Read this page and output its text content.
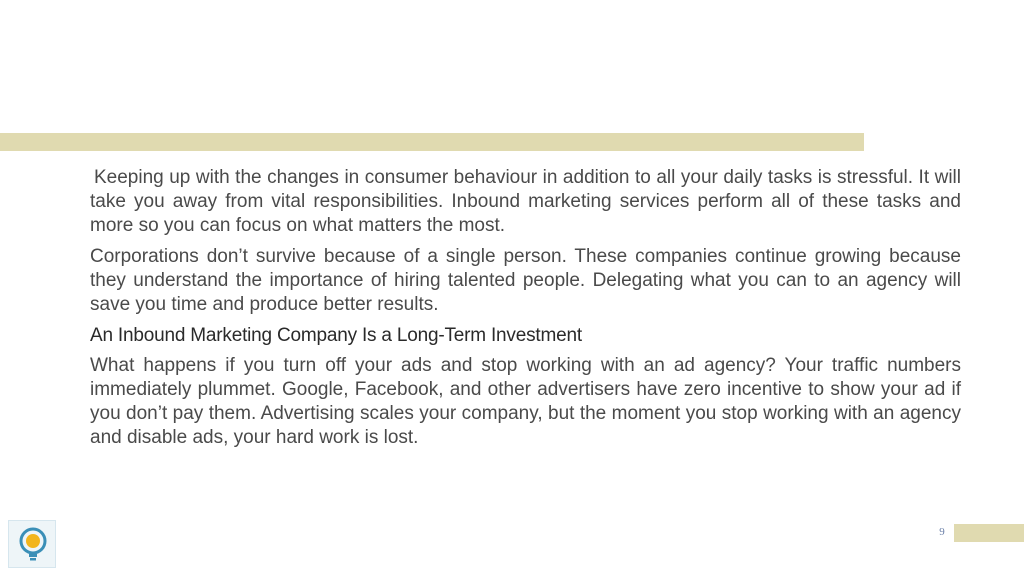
Keeping up with the changes in consumer behaviour in addition to all your daily tasks is stressful. It will take you away from vital responsibilities. Inbound marketing services perform all of these tasks and more so you can focus on what matters the most.

Corporations don’t survive because of a single person. These companies continue growing because they understand the importance of hiring talented people. Delegating what you can to an agency will save you time and produce better results.

An Inbound Marketing Company Is a Long-Term Investment

What happens if you turn off your ads and stop working with an ad agency? Your traffic numbers immediately plummet. Google, Facebook, and other advertisers have zero incentive to show your ad if you don’t pay them. Advertising scales your company, but the moment you stop working with an agency and disable ads, your hard work is lost.

9
